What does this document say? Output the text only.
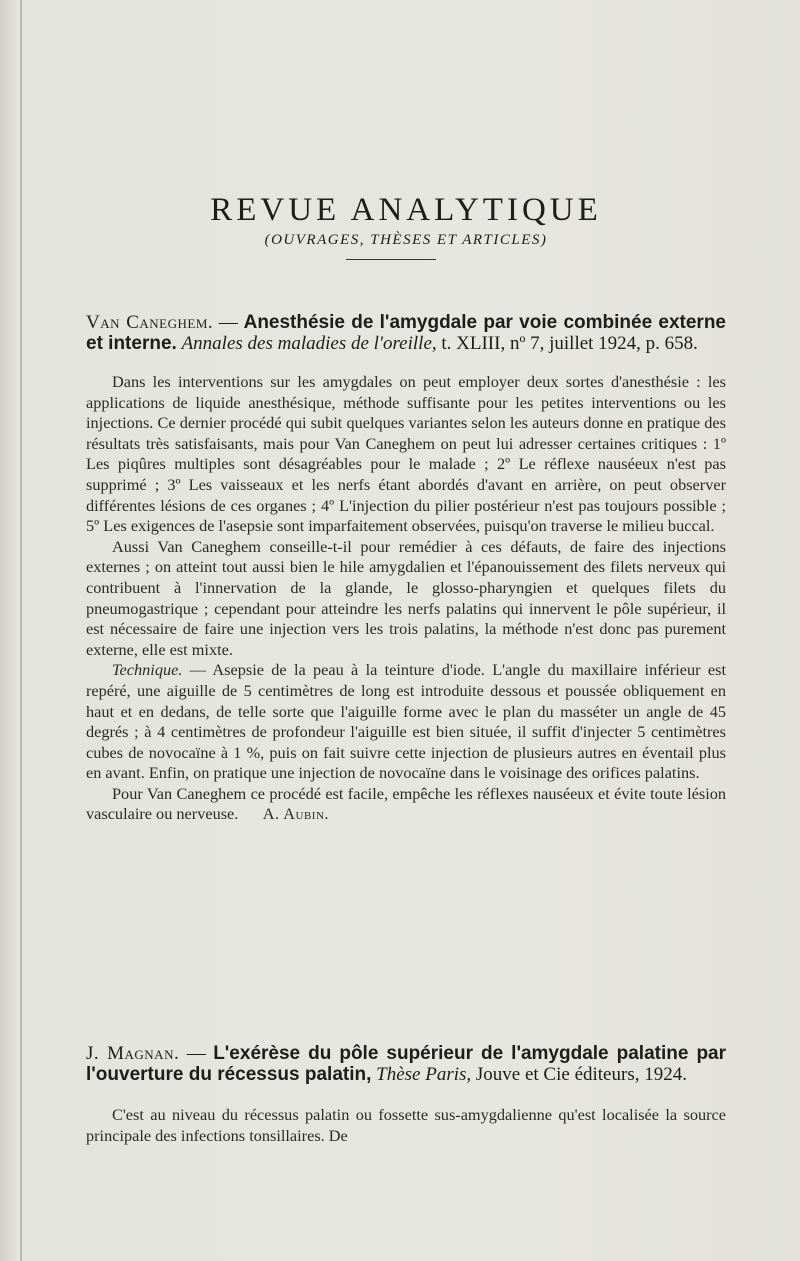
REVUE ANALYTIQUE
(OUVRAGES, THÈSES ET ARTICLES)

Van Caneghem. — Anesthésie de l'amygdale par voie combinée externe et interne. Annales des maladies de l'oreille, t. XLIII, nº 7, juillet 1924, p. 658.

Dans les interventions sur les amygdales on peut employer deux sortes d'anesthésie : les applications de liquide anesthésique, méthode suffisante pour les petites interventions ou les injections. Ce dernier procédé qui subit quelques variantes selon les auteurs donne en pratique des résultats très satisfaisants, mais pour Van Caneghem on peut lui adresser certaines critiques : 1º Les piqûres multiples sont désagréables pour le malade ; 2º Le réflexe nauséeux n'est pas supprimé ; 3º Les vaisseaux et les nerfs étant abordés d'avant en arrière, on peut observer différentes lésions de ces organes ; 4º L'injection du pilier postérieur n'est pas toujours possible ; 5º Les exigences de l'asepsie sont imparfaitement observées, puisqu'on traverse le milieu buccal.

Aussi Van Caneghem conseille-t-il pour remédier à ces défauts, de faire des injections externes ; on atteint tout aussi bien le hile amygdalien et l'épanouissement des filets nerveux qui contribuent à l'innervation de la glande, le glosso-pharyngien et quelques filets du pneumogastrique ; cependant pour atteindre les nerfs palatins qui innervent le pôle supérieur, il est nécessaire de faire une injection vers les trois palatins, la méthode n'est donc pas purement externe, elle est mixte.

Technique. — Asepsie de la peau à la teinture d'iode. L'angle du maxillaire inférieur est repéré, une aiguille de 5 centimètres de long est introduite dessous et poussée obliquement en haut et en dedans, de telle sorte que l'aiguille forme avec le plan du masséter un angle de 45 degrés ; à 4 centimètres de profondeur l'aiguille est bien située, il suffit d'injecter 5 centimètres cubes de novocaïne à 1 %, puis on fait suivre cette injection de plusieurs autres en éventail plus en avant. Enfin, on pratique une injection de novocaïne dans le voisinage des orifices palatins.

Pour Van Caneghem ce procédé est facile, empêche les réflexes nauséeux et évite toute lésion vasculaire ou nerveuse. A. Aubin.

J. Magnan. — L'exérèse du pôle supérieur de l'amygdale palatine par l'ouverture du récessus palatin, Thèse Paris, Jouve et Cie éditeurs, 1924.

C'est au niveau du récessus palatin ou fossette sus-amygdalienne qu'est localisée la source principale des infections tonsillaires. De
